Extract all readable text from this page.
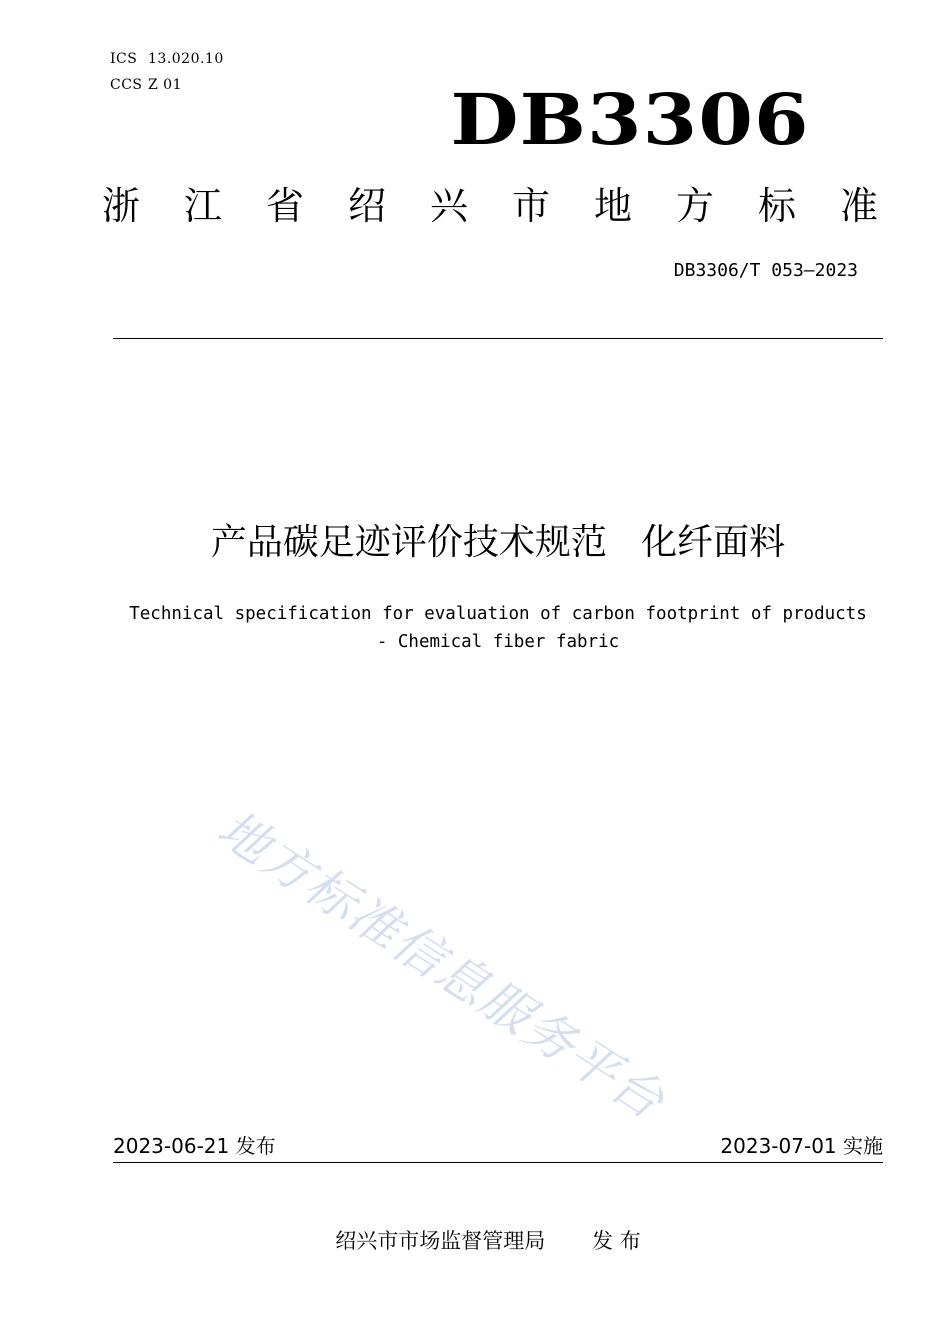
ICS 13.020.10
CCS Z 01	DB3306
浙 江 省 绍 兴 市 地 方 标 准
DB3306/T 053—2023
产品碳足迹评价技术规范   化纤面料
Technical specification for evaluation of carbon footprint of products
- Chemical fiber fabric
地方标准信息服务平台
2023-06-21 发布	2023-07-01 实施
绍兴市市场监督管理局       发 布
